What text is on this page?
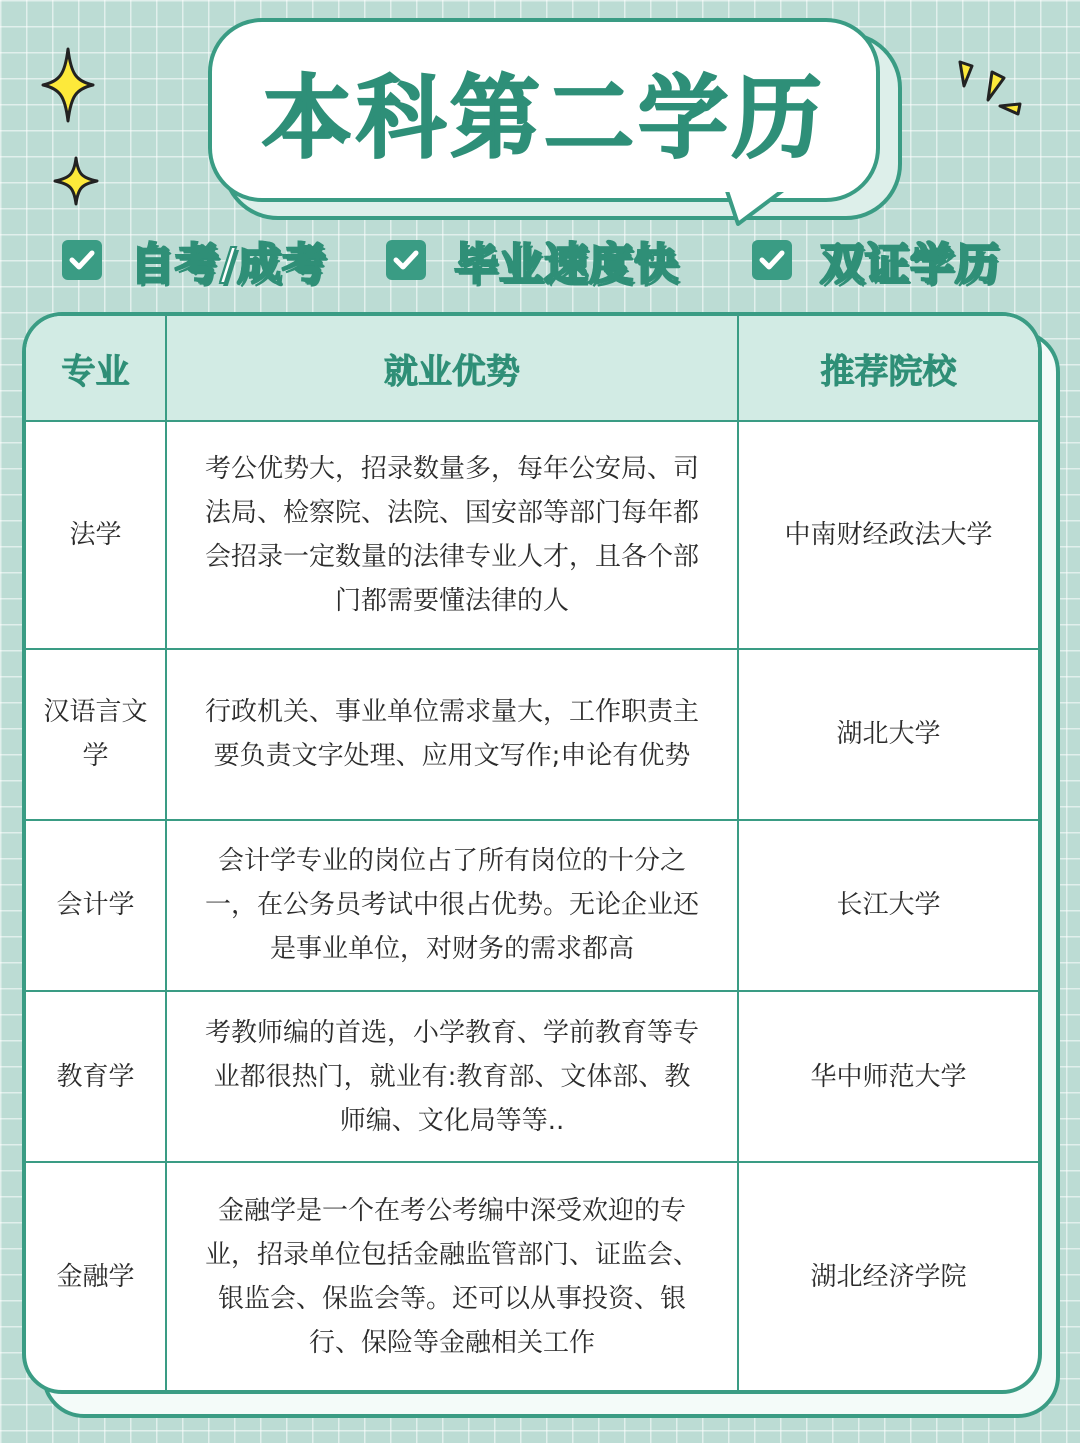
本科第二学历
自考/成考	毕业速度快	双证学历
专业	就业优势	推荐院校
法学	考公优势大，招录数量多，每年公安局、司法局、检察院、法院、国安部等部门每年都会招录一定数量的法律专业人才，且各个部门都需要懂法律的人	中南财经政法大学
汉语言文学	行政机关、事业单位需求量大，工作职责主要负责文字处理、应用文写作;申论有优势	湖北大学
会计学	会计学专业的岗位占了所有岗位的十分之一，在公务员考试中很占优势。无论企业还是事业单位，对财务的需求都高	长江大学
教育学	考教师编的首选，小学教育、学前教育等专业都很热门，就业有:教育部、文体部、教师编、文化局等等..	华中师范大学
金融学	金融学是一个在考公考编中深受欢迎的专业，招录单位包括金融监管部门、证监会、银监会、保监会等。还可以从事投资、银行、保险等金融相关工作	湖北经济学院
